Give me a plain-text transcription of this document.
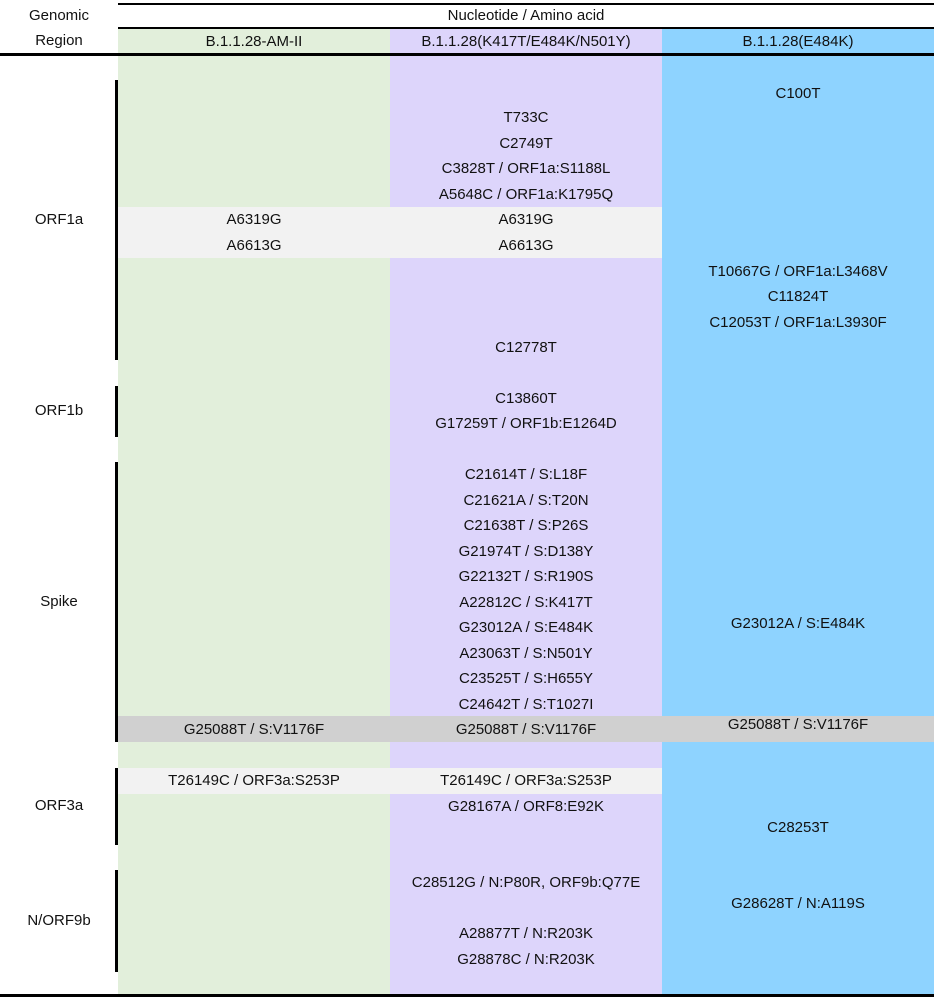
Genomic
Region
Nucleotide / Amino acid
B.1.1.28-AM-II	B.1.1.28(K417T/E484K/N501Y)	B.1.1.28(E484K)
ORF1a
ORF1b
Spike
ORF3a
N/ORF9b
A6319G
A6613G
G25088T / S:V1176F
T26149C / ORF3a:S253P
T733C
C2749T
C3828T / ORF1a:S1188L
A5648C / ORF1a:K1795Q
A6319G
A6613G
C12778T
C13860T
G17259T / ORF1b:E1264D
C21614T / S:L18F
C21621A / S:T20N
C21638T / S:P26S
G21974T / S:D138Y
G22132T / S:R190S
A22812C / S:K417T
G23012A / S:E484K
A23063T / S:N501Y
C23525T / S:H655Y
C24642T / S:T1027I
G25088T / S:V1176F
T26149C / ORF3a:S253P
G28167A / ORF8:E92K
C28512G / N:P80R, ORF9b:Q77E
A28877T / N:R203K
G28878C / N:R203K
C100T
T10667G / ORF1a:L3468V
C11824T
C12053T / ORF1a:L3930F
G23012A / S:E484K
G25088T / S:V1176F
C28253T
G28628T / N:A119S
